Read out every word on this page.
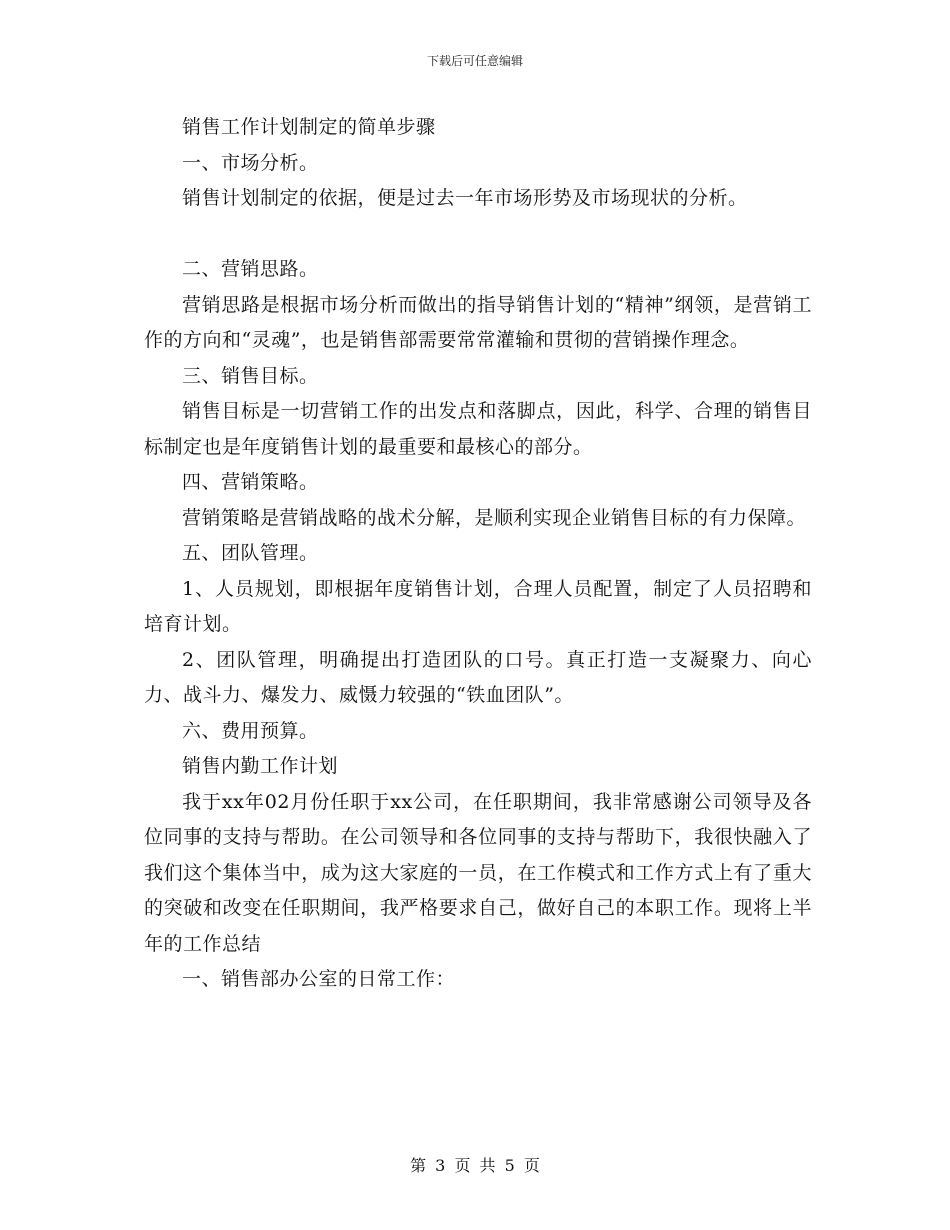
下载后可任意编辑

销售工作计划制定的简单步骤

一、市场分析。

销售计划制定的依据，便是过去一年市场形势及市场现状的分析。

二、营销思路。

营销思路是根据市场分析而做出的指导销售计划的“精神”纲领，是营销工作的方向和“灵魂”，也是销售部需要常常灌输和贯彻的营销操作理念。

三、销售目标。

销售目标是一切营销工作的出发点和落脚点，因此，科学、合理的销售目标制定也是年度销售计划的最重要和最核心的部分。

四、营销策略。

营销策略是营销战略的战术分解，是顺利实现企业销售目标的有力保障。

五、团队管理。

1、人员规划，即根据年度销售计划，合理人员配置，制定了人员招聘和培育计划。

2、团队管理，明确提出打造团队的口号。真正打造一支凝聚力、向心力、战斗力、爆发力、威慑力较强的“铁血团队”。

六、费用预算。

销售内勤工作计划

我于xx年02月份任职于xx公司，在任职期间，我非常感谢公司领导及各位同事的支持与帮助。在公司领导和各位同事的支持与帮助下，我很快融入了我们这个集体当中，成为这大家庭的一员，在工作模式和工作方式上有了重大的突破和改变在任职期间，我严格要求自己，做好自己的本职工作。现将上半年的工作总结

一、销售部办公室的日常工作：

第 3 页 共 5 页
